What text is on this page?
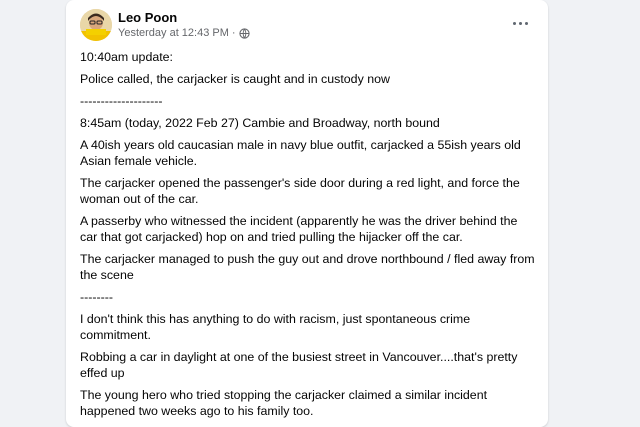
Leo Poon
Yesterday at 12:43 PM ·

10:40am update:

Police called, the carjacker is caught and in custody now

--------------------

8:45am (today, 2022 Feb 27) Cambie and Broadway, north bound

A 40ish years old caucasian male in navy blue outfit, carjacked a 55ish years old Asian female vehicle.

The carjacker opened the passenger's side door during a red light, and force the woman out of the car.

A passerby who witnessed the incident (apparently he was the driver behind the car that got carjacked) hop on and tried pulling the hijacker off the car.

The carjacker managed to push the guy out and drove northbound / fled away from the scene

--------

I don't think this has anything to do with racism, just spontaneous crime commitment.

Robbing a car in daylight at one of the busiest street in Vancouver....that's pretty effed up

The young hero who tried stopping the carjacker claimed a similar incident happened two weeks ago to his family too.
